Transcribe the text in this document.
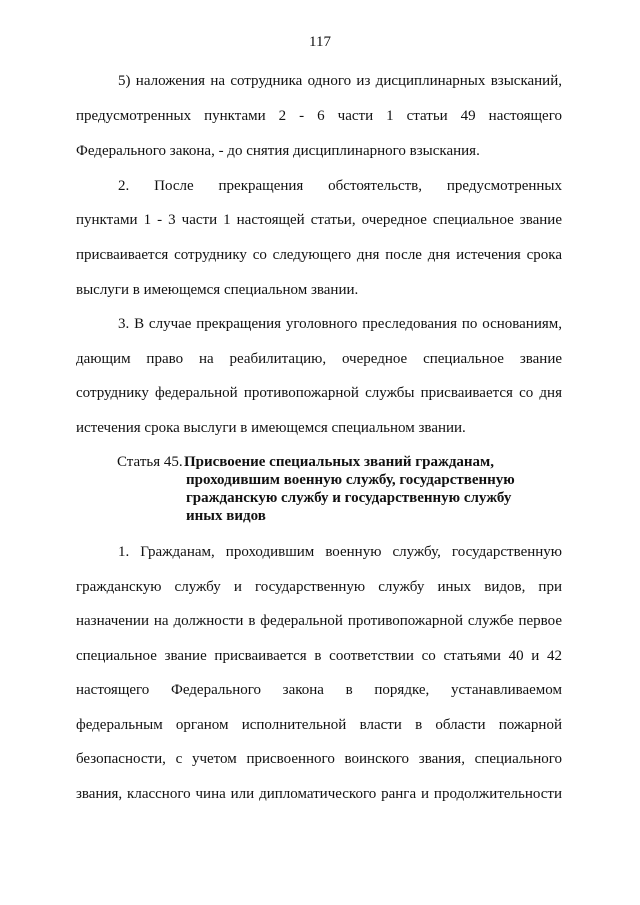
117
5) наложения на сотрудника одного из дисциплинарных взысканий,
предусмотренных пунктами 2 - 6 части 1 статьи 49 настоящего
Федерального закона, - до снятия дисциплинарного взыскания.
2. После прекращения обстоятельств, предусмотренных
пунктами 1 - 3 части 1 настоящей статьи, очередное специальное звание
присваивается сотруднику со следующего дня после дня истечения срока
выслуги в имеющемся специальном звании.
3. В случае прекращения уголовного преследования по основаниям,
дающим право на реабилитацию, очередное специальное звание
сотруднику федеральной противопожарной службы присваивается со дня
истечения срока выслуги в имеющемся специальном звании.
Статья 45. Присвоение специальных званий гражданам,
проходившим военную службу, государственную
гражданскую службу и государственную службу
иных видов
1. Гражданам, проходившим военную службу, государственную
гражданскую службу и государственную службу иных видов, при
назначении на должности в федеральной противопожарной службе первое
специальное звание присваивается в соответствии со статьями 40 и 42
настоящего Федерального закона в порядке, устанавливаемом
федеральным органом исполнительной власти в области пожарной
безопасности, с учетом присвоенного воинского звания, специального
звания, классного чина или дипломатического ранга и продолжительности
